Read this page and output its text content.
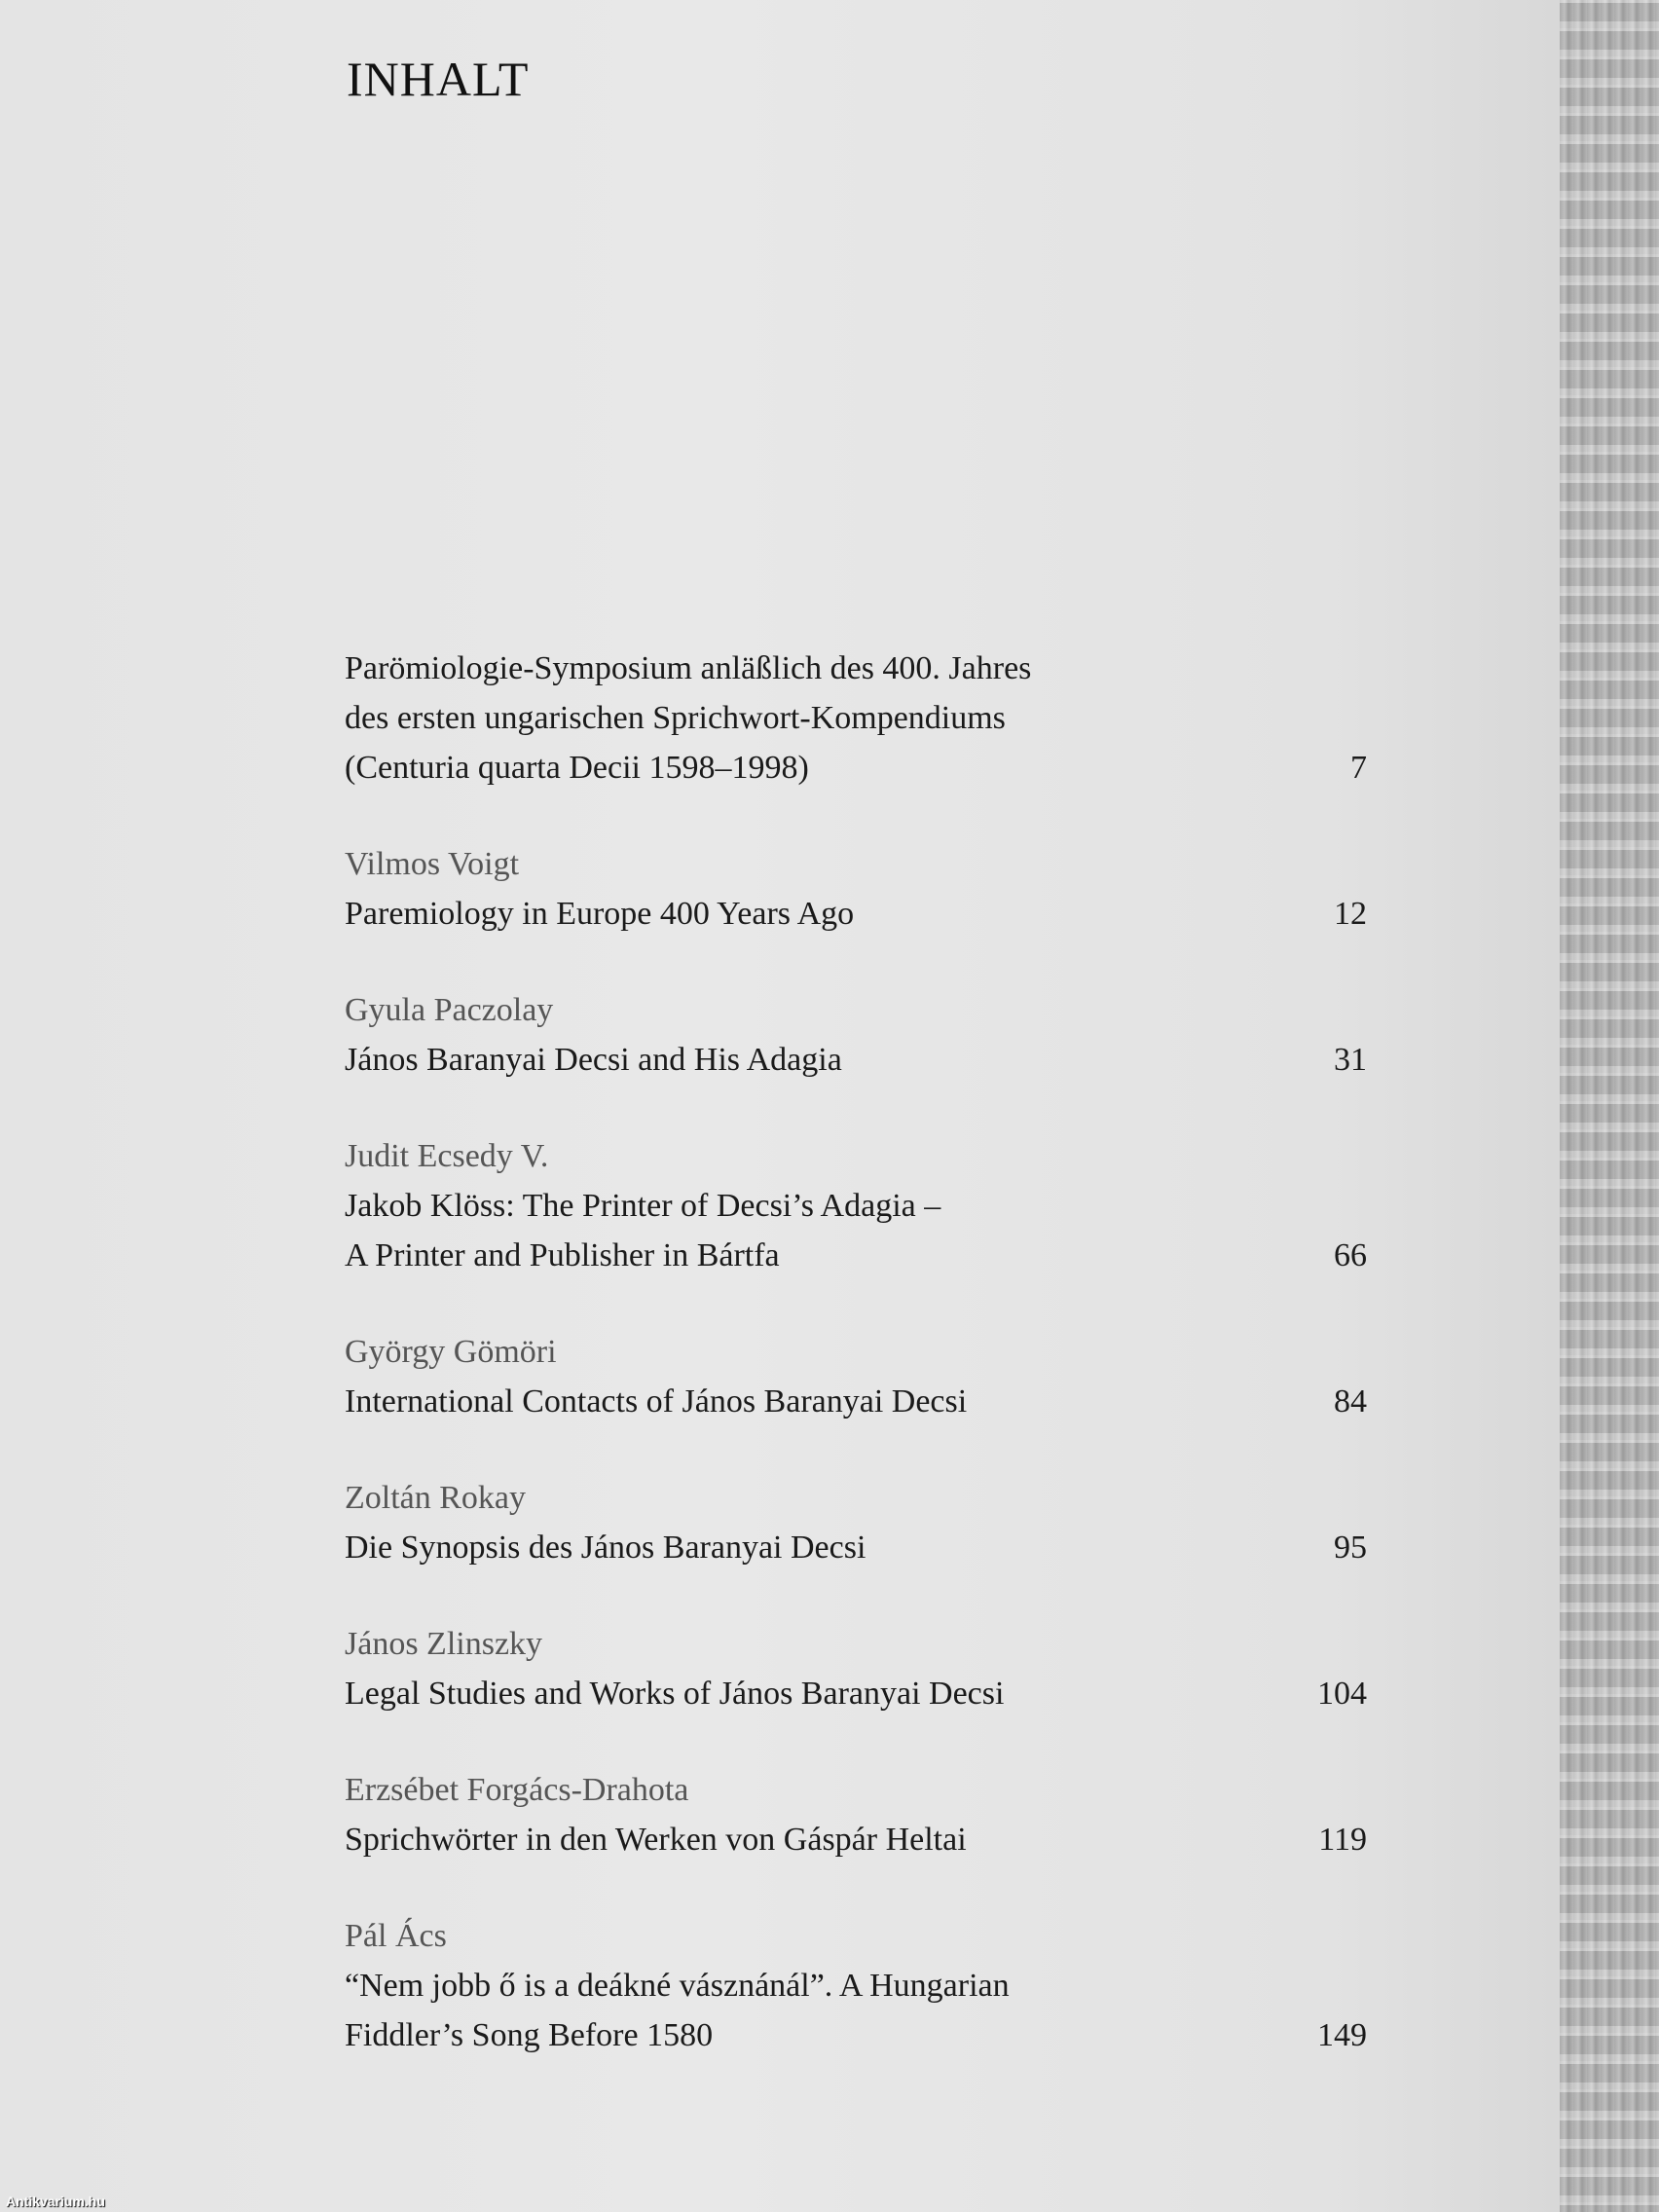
INHALT
Parömiologie-Symposium anläßlich des 400. Jahres
des ersten ungarischen Sprichwort-Kompendiums
(Centuria quarta Decii 1598–1998)	7
Vilmos Voigt
Paremiology in Europe 400 Years Ago	12
Gyula Paczolay
János Baranyai Decsi and His Adagia	31
Judit Ecsedy V.
Jakob Klöss: The Printer of Decsi’s Adagia –
A Printer and Publisher in Bártfa	66
György Gömöri
International Contacts of János Baranyai Decsi	84
Zoltán Rokay
Die Synopsis des János Baranyai Decsi	95
János Zlinszky
Legal Studies and Works of János Baranyai Decsi	104
Erzsébet Forgács-Drahota
Sprichwörter in den Werken von Gáspár Heltai	119
Pál Ács
“Nem jobb ő is a deákné vásznánál”. A Hungarian
Fiddler’s Song Before 1580	149
Antikvarium.hu
